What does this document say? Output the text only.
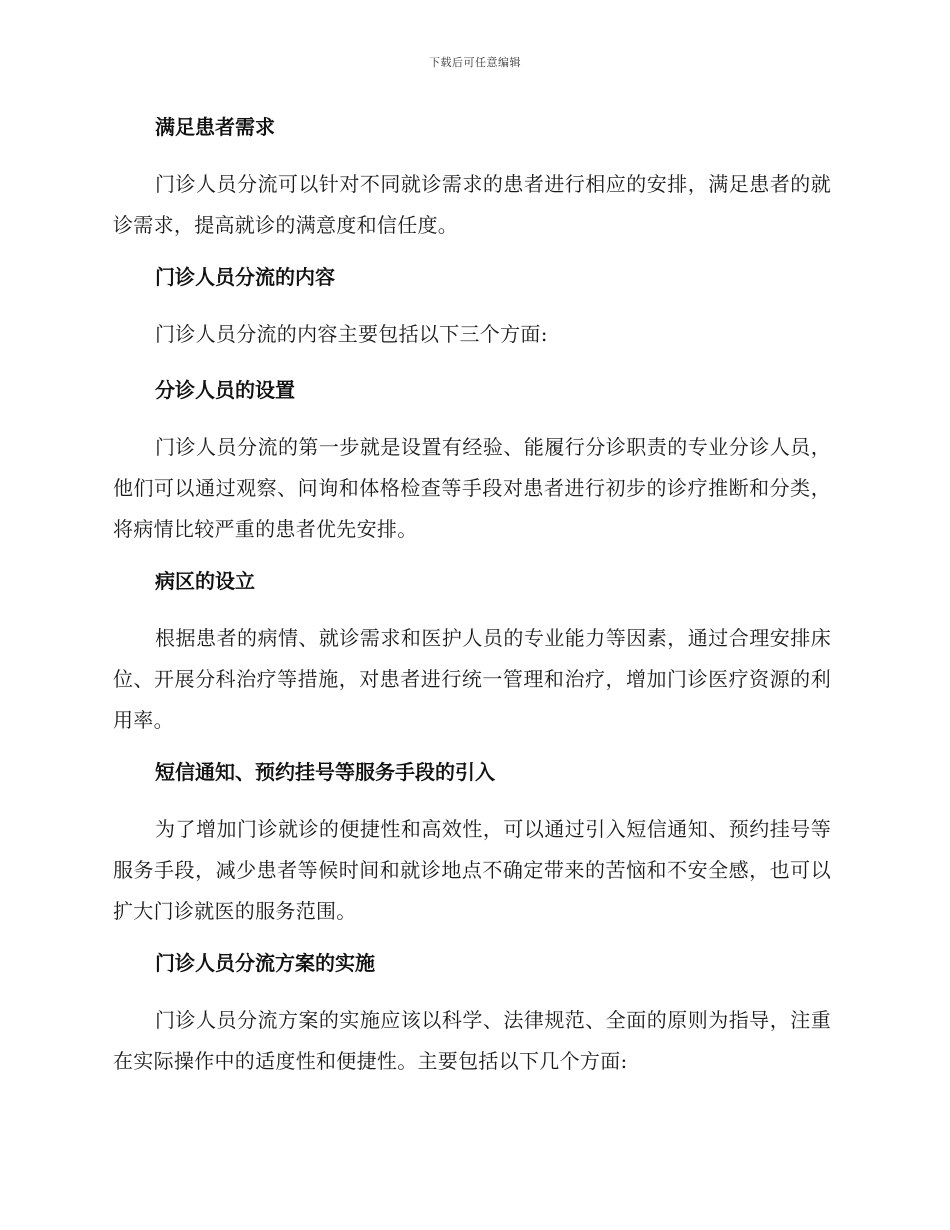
下载后可任意编辑
满足患者需求
门诊人员分流可以针对不同就诊需求的患者进行相应的安排，满足患者的就诊需求，提高就诊的满意度和信任度。
门诊人员分流的内容
门诊人员分流的内容主要包括以下三个方面:
分诊人员的设置
门诊人员分流的第一步就是设置有经验、能履行分诊职责的专业分诊人员，他们可以通过观察、问询和体格检查等手段对患者进行初步的诊疗推断和分类，将病情比较严重的患者优先安排。
病区的设立
根据患者的病情、就诊需求和医护人员的专业能力等因素，通过合理安排床位、开展分科治疗等措施，对患者进行统一管理和治疗，增加门诊医疗资源的利用率。
短信通知、预约挂号等服务手段的引入
为了增加门诊就诊的便捷性和高效性，可以通过引入短信通知、预约挂号等服务手段，减少患者等候时间和就诊地点不确定带来的苦恼和不安全感，也可以扩大门诊就医的服务范围。
门诊人员分流方案的实施
门诊人员分流方案的实施应该以科学、法律规范、全面的原则为指导，注重在实际操作中的适度性和便捷性。主要包括以下几个方面:
